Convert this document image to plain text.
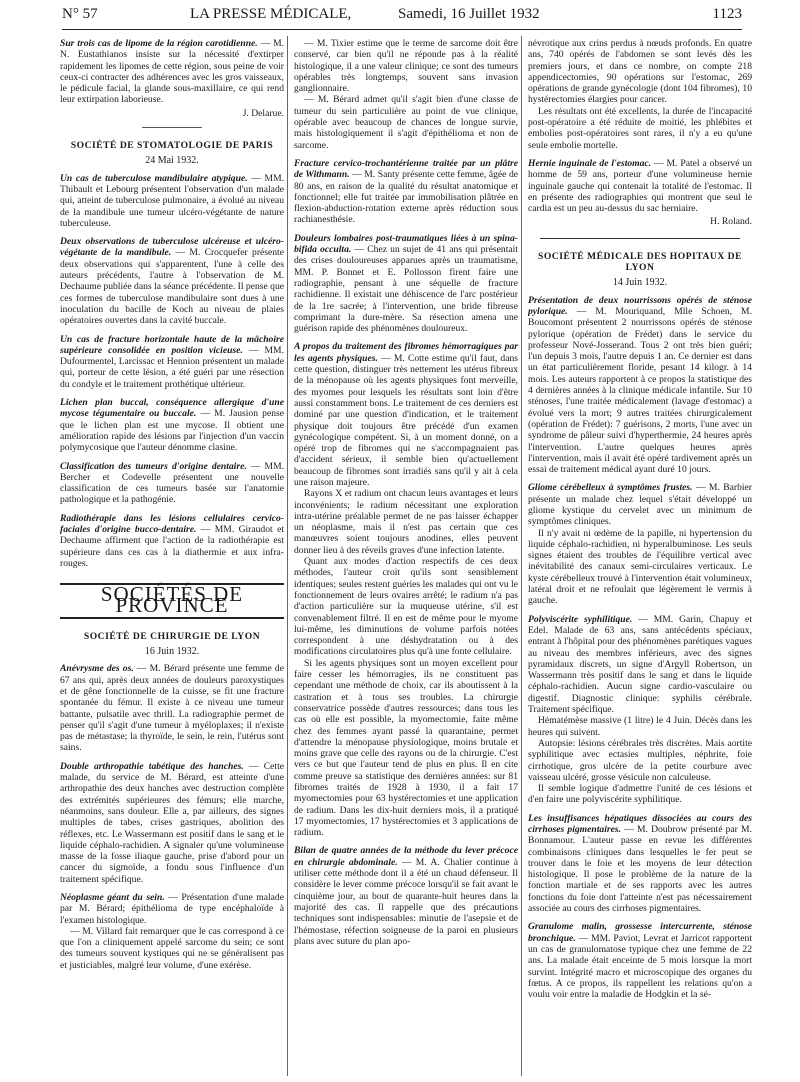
N° 57	LA PRESSE MÉDICALE,	Samedi, 16 Juillet 1932	1123

Sur trois cas de lipome de la région carotidienne. — M. N. Eustathianos insiste sur la nécessité d'extirper rapidement les lipomes de cette région, sous peine de voir ceux-ci contracter des adhérences avec les gros vaisseaux, le pédicule facial, la glande sous-maxillaire, ce qui rend leur extirpation laborieuse.

J. Delarue.
SOCIÉTÉ DE STOMATOLOGIE DE PARIS
24 Mai 1932.

Un cas de tuberculose mandibulaire atypique. — MM. Thibault et Lebourg présentent l'observation d'un malade qui, atteint de tuberculose pulmonaire, a évolué au niveau de la mandibule une tumeur ulcéro-végétante de nature tuberculeuse.

Deux observations de tuberculose ulcéreuse et ulcéro-végétante de la mandibule. — M. Crocquefer présente deux observations qui s'apparentent, l'une à celle des auteurs précédents, l'autre à l'observation de M. Dechaume publiée dans la séance précédente. Il pense que ces formes de tuberculose mandibulaire sont dues à une inoculation du bacille de Koch au niveau de plaies opératoires ouvertes dans la cavité buccale.

Un cas de fracture horizontale haute de la mâchoire supérieure consolidée en position vicieuse. — MM. Dufourmentel, Larcissac et Hennion présentent un malade qui, porteur de cette lésion, a été guéri par une résection du condyle et le traitement prothétique ultérieur.

Lichen plan buccal, conséquence allergique d'une mycose tégumentaire ou buccale. — M. Jausion pense que le lichen plan est une mycose. Il obtient une amélioration rapide des lésions par l'injection d'un vaccin polymycosique que l'auteur dénomme clasine.

Classification des tumeurs d'origine dentaire. — MM. Bercher et Codevelle présentent une nouvelle classification de ces tumeurs basée sur l'anatomie pathologique et la pathogénie.

Radiothérapie dans les lésions cellulaires cervico-faciales d'origine bucco-dentaire. — MM. Giraudot et Dechaume affirment que l'action de la radiothérapie est supérieure dans ces cas à la diathermie et aux infra-rouges.

SOCIÉTÉS DE PROVINCE
SOCIÉTÉ DE CHIRURGIE DE LYON
16 Juin 1932.

Anévrysme des os. — M. Bérard présente une femme de 67 ans qui, après deux années de douleurs paroxystiques et de gêne fonctionnelle de la cuisse, se fit une fracture spontanée du fémur. Il existe à ce niveau une tumeur battante, pulsatile avec thrill. La radiographie permet de penser qu'il s'agit d'une tumeur à myéloplaxes; il n'existe pas de métastase; la thyroïde, le sein, le rein, l'utérus sont sains.

Double arthropathie tabétique des hanches. — Cette malade, du service de M. Bérard, est atteinte d'une arthropathie des deux hanches avec destruction complète des extrémités supérieures des fémurs; elle marche, néanmoins, sans douleur. Elle a, par ailleurs, des signes multiples de tabes, crises gastriques, abolition des réflexes, etc. Le Wassermann est positif dans le sang et le liquide céphalo-rachidien. A signaler qu'une volumineuse masse de la fosse iliaque gauche, prise d'abord pour un cancer du sigmoïde, a fondu sous l'influence d'un traitement spécifique.

Néoplasme géant du sein. — Présentation d'une malade par M. Bérard; épithélioma de type encéphaloïde à l'examen histologique.

— M. Villard fait remarquer que le cas correspond à ce que l'on a cliniquement appelé sarcome du sein; ce sont des tumeurs souvent kystiques qui ne se généralisent pas et justiciables, malgré leur volume, d'une exérèse.

— M. Tixier estime que le terme de sarcome doit être conservé, car bien qu'il ne réponde pas à la réalité histologique, il a une valeur clinique; ce sont des tumeurs opérables très longtemps, souvent sans invasion ganglionnaire.

— M. Bérard admet qu'il s'agit bien d'une classe de tumeur du sein particulière au point de vue clinique, opérable avec beaucoup de chances de longue survie, mais histologiquement il s'agit d'épithélioma et non de sarcome.

Fracture cervico-trochantérienne traitée par un plâtre de Withmann. — M. Santy présente cette femme, âgée de 80 ans, en raison de la qualité du résultat anatomique et fonctionnel; elle fut traitée par immobilisation plâtrée en flexion-abduction-rotation externe après réduction sous rachianesthésie.

Douleurs lombaires post-traumatiques liées à un spina-bifida occulta. — Chez un sujet de 41 ans qui présentait des crises douloureuses apparues après un traumatisme, MM. P. Bonnet et E. Pollosson firent faire une radiographie, pensant à une séquelle de fracture rachidienne. Il existait une déhiscence de l'arc postérieur de la 1re sacrée; à l'intervention, une bride fibreuse comprimant la dure-mère. Sa résection amena une guérison rapide des phénomènes douloureux.

A propos du traitement des fibromes hémorragiques par les agents physiques. — M. Cotte estime qu'il faut, dans cette question, distinguer très nettement les utérus fibreux de la ménopause où les agents physiques font merveille, des myomes pour lesquels les résultats sont loin d'être aussi constamment bons. Le traitement de ces derniers est dominé par une question d'indication, et le traitement physique doit toujours être précédé d'un examen gynécologique compétent. Si, à un moment donné, on a opéré trop de fibromes qui ne s'accompagnaient pas d'accident sérieux, il semble bien qu'actuellement beaucoup de fibromes sont irradiés sans qu'il y ait à cela une raison majeure.

Rayons X et radium ont chacun leurs avantages et leurs inconvénients; le radium nécessitant une exploration intra-utérine préalable permet de ne pas laisser échapper un néoplasme, mais il n'est pas certain que ces manœuvres soient toujours anodines, elles peuvent donner lieu à des réveils graves d'une infection latente.

Quant aux modes d'action respectifs de ces deux méthodes, l'auteur croit qu'ils sont sensiblement identiques; seules restent guéries les malades qui ont vu le fonctionnement de leurs ovaires arrêté; le radium n'a pas d'action particulière sur la muqueuse utérine, s'il est convenablement filtré. Il en est de même pour le myome lui-même, les diminutions de volume parfois notées correspondent à une déshydratation ou à des modifications circulatoires plus qu'à une fonte cellulaire.

Si les agents physiques sont un moyen excellent pour faire cesser les hémorragies, ils ne constituent pas cependant une méthode de choix, car ils aboutissent à la castration et à tous ses troubles. La chirurgie conservatrice possède d'autres ressources; dans tous les cas où elle est possible, la myomectomie, faite même chez des femmes ayant passé la quarantaine, permet d'attendre la ménopause physiologique, moins brutale et moins grave que celle des rayons ou de la chirurgie. C'est vers ce but que l'auteur tend de plus en plus. Il en cite comme preuve sa statistique des dernières années: sur 81 fibromes traités de 1928 à 1930, il a fait 17 myomectomies pour 63 hystérectomies et une application de radium. Dans les dix-huit derniers mois, il a pratiqué 17 myomectomies, 17 hystérectomies et 3 applications de radium.

Bilan de quatre années de la méthode du lever précoce en chirurgie abdominale. — M. A. Chalier continue à utiliser cette méthode dont il a été un chaud défenseur. Il considère le lever comme précoce lorsqu'il se fait avant le cinquième jour, au bout de quarante-huit heures dans la majorité des cas. Il rappelle que des précautions techniques sont indispensables: minutie de l'asepsie et de l'hémostase, réfection soigneuse de la paroi en plusieurs plans avec suture du plan apo-

névrotique aux crins perdus à nœuds profonds. En quatre ans, 740 opérés de l'abdomen se sont levés dès les premiers jours, et dans ce nombre, on compte 218 appendicectomies, 90 opérations sur l'estomac, 269 opérations de grande gynécologie (dont 104 fibromes), 10 hystérectomies élargies pour cancer.

Les résultats ont été excellents, la durée de l'incapacité post-opératoire a été réduite de moitié, les phlébites et embolies post-opératoires sont rares, il n'y a eu qu'une seule embolie mortelle.

Hernie inguinale de l'estomac. — M. Patel a observé un homme de 59 ans, porteur d'une volumineuse hernie inguinale gauche qui contenait la totalité de l'estomac. Il en présente des radiographies qui montrent que seul le cardia est un peu au-dessus du sac herniaire.

H. Roland.
SOCIÉTÉ MÉDICALE DES HOPITAUX DE LYON
14 Juin 1932.

Présentation de deux nourrissons opérés de sténose pylorique. — M. Mouriquand, Mlle Schoen, M. Boucomont présentent 2 nourrissons opérés de sténose pylorique (opération de Frédet) dans le service du professeur Nové-Josserand. Tous 2 ont très bien guéri; l'un depuis 3 mois, l'autre depuis 1 an. Ce dernier est dans un état particulièrement floride, pesant 14 kilogr. à 14 mois. Les auteurs rapportent à ce propos la statistique des 4 dernières années à la clinique médicale infantile. Sur 10 sténoses, l'une traitée médicalement (lavage d'estomac) a évolué vers la mort; 9 autres traitées chirurgicalement (opération de Frédet): 7 guérisons, 2 morts, l'une avec un syndrome de pâleur suivi d'hyperthermie, 24 heures après l'intervention. L'autre quelques heures après l'intervention, mais il avait été opéré tardivement après un essai de traitement médical ayant duré 10 jours.

Gliome cérébelleux à symptômes frustes. — M. Barbier présente un malade chez lequel s'était développé un gliome kystique du cervelet avec un minimum de symptômes cliniques.

Il n'y avait ni œdème de la papille, ni hypertension du liquide céphalo-rachidien, ni hyperalbuminose. Les seuls signes étaient des troubles de l'équilibre vertical avec inévitabilité des canaux semi-circulaires verticaux. Le kyste cérébelleux trouvé à l'intervention était volumineux, latéral droit et ne refoulait que légèrement le vermis à gauche.

Polyviscérite syphilitique. — MM. Garin, Chapuy et Edel. Malade de 63 ans, sans antécédents spéciaux, entrant à l'hôpital pour des phénomènes parétiques vagues au niveau des membres inférieurs, avec des signes pyramidaux discrets, un signe d'Argyll Robertson, un Wassermann très positif dans le sang et dans le liquide céphalo-rachidien. Aucun signe cardio-vasculaire ou digestif. Diagnostic clinique: syphilis cérébrale. Traitement spécifique.

Hématémèse massive (1 litre) le 4 Juin. Décès dans les heures qui suivent.

Autopsie: lésions cérébrales très discrètes. Mais aortite syphilitique avec ectasies multiples, néphrite, foie cirrhotique, gros ulcère de la petite courbure avec vaisseau ulcéré, grosse vésicule non calculeuse.

Il semble logique d'admettre l'unité de ces lésions et d'en faire une polyviscérite syphilitique.

Les insuffisances hépatiques dissociées au cours des cirrhoses pigmentaires. — M. Doubrow présenté par M. Bonnamour. L'auteur passe en revue les différentes combinaisons cliniques dans lesquelles le fer peut se trouver dans le foie et les moyens de leur détection histologique. Il pose le problème de la nature de la fonction martiale et de ses rapports avec les autres fonctions du foie dont l'atteinte n'est pas nécessairement associée au cours des cirrhoses pigmentaires.

Granulome malin, grossesse intercurrente, sténose bronchique. — MM. Paviot, Levrat et Jarricot rapportent un cas de granulomatose typique chez une femme de 22 ans. La malade était enceinte de 5 mois lorsque la mort survint. Intégrité macro et microscopique des organes du fœtus. A ce propos, ils rappellent les relations qu'on a voulu voir entre la maladie de Hodgkin et la sé-
